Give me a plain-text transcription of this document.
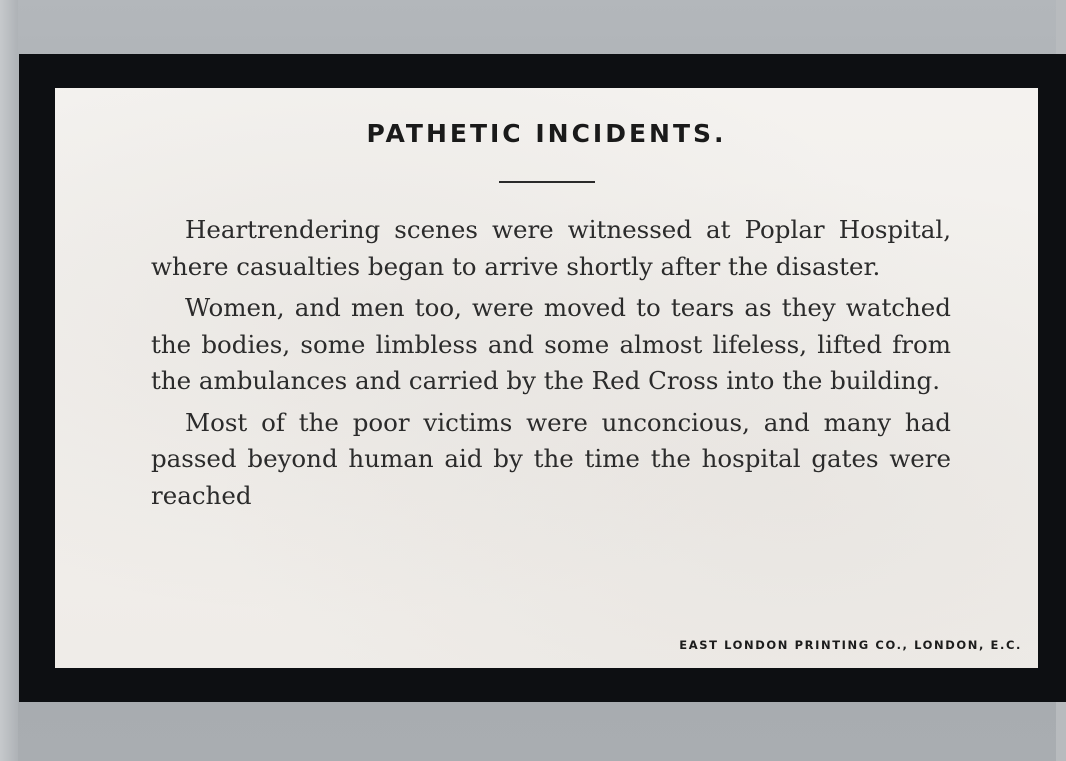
PATHETIC INCIDENTS.

Heartrendering scenes were witnessed at Poplar Hospital, where casualties began to arrive shortly after the disaster.

Women, and men too, were moved to tears as they watched the bodies, some limbless and some almost lifeless, lifted from the ambulances and carried by the Red Cross into the building.

Most of the poor victims were unconcious, and many had passed beyond human aid by the time the hospital gates were reached

EAST LONDON PRINTING CO., LONDON, E.C.
